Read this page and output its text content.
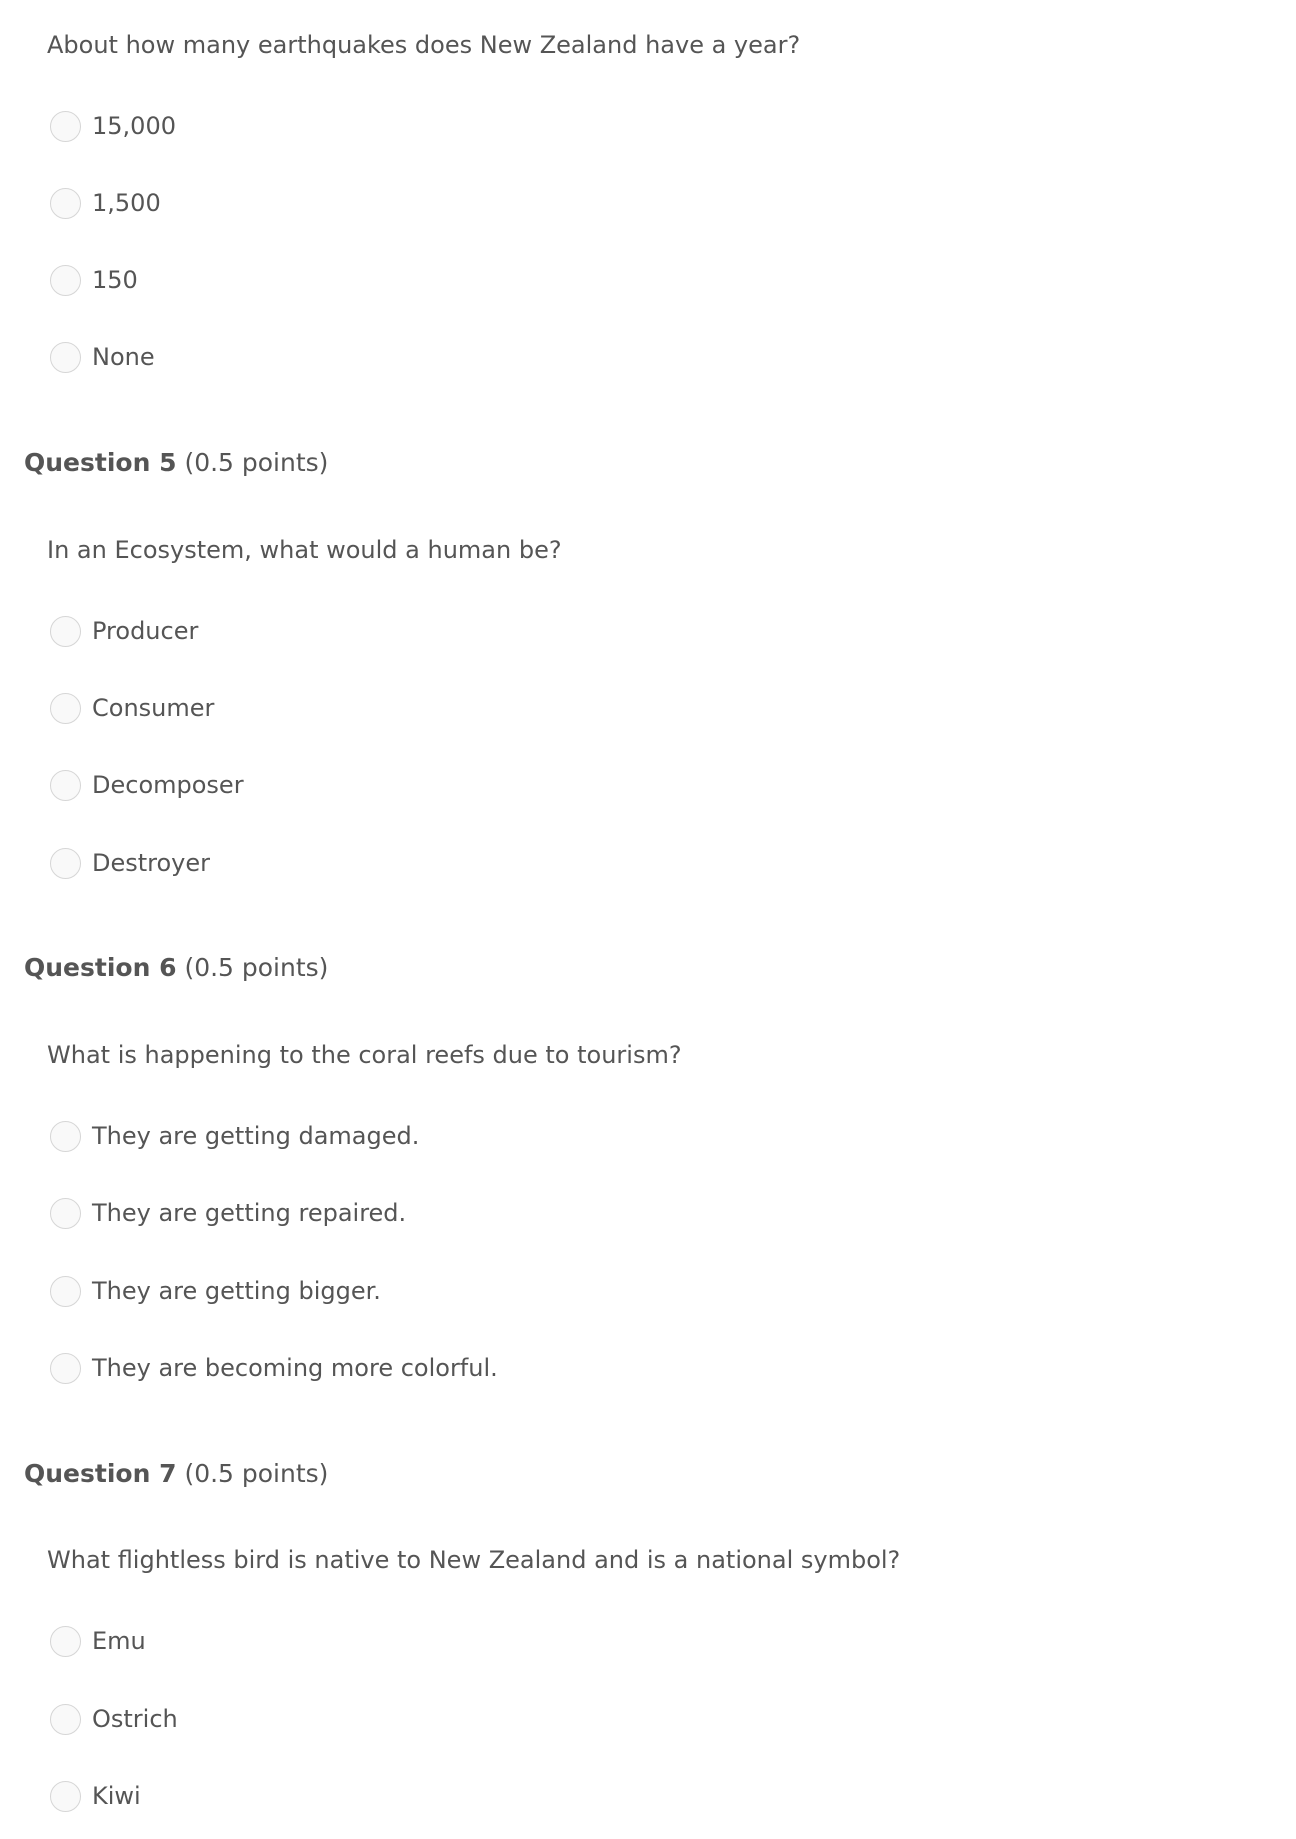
About how many earthquakes does New Zealand have a year?

15,000
1,500
150
None

Question 5 (0.5 points)

In an Ecosystem, what would a human be?

Producer
Consumer
Decomposer
Destroyer

Question 6 (0.5 points)

What is happening to the coral reefs due to tourism?

They are getting damaged.
They are getting repaired.
They are getting bigger.
They are becoming more colorful.

Question 7 (0.5 points)

What flightless bird is native to New Zealand and is a national symbol?

Emu
Ostrich
Kiwi
